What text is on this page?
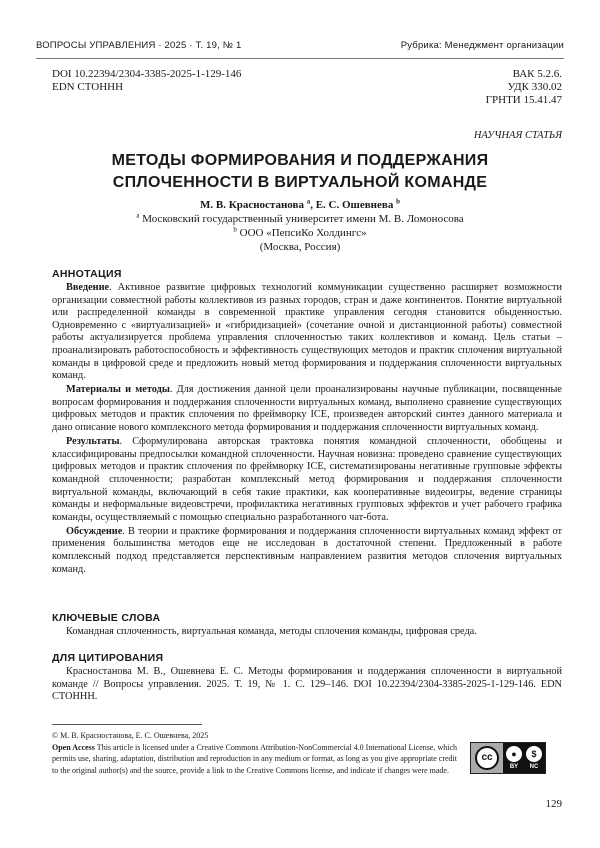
ВОПРОСЫ УПРАВЛЕНИЯ · 2025 · Т. 19, № 1	Рубрика: Менеджмент организации
DOI 10.22394/2304-3385-2025-1-129-146
EDN СТОННН
ВАК 5.2.6.
УДК 330.02
ГРНТИ 15.41.47
НАУЧНАЯ СТАТЬЯ
МЕТОДЫ ФОРМИРОВАНИЯ И ПОДДЕРЖАНИЯ
СПЛОЧЕННОСТИ В ВИРТУАЛЬНОЙ КОМАНДЕ
М. В. Красностанова a, Е. С. Ошевнева b
a Московский государственный университет имени М. В. Ломоносова
b ООО «ПепсиКо Холдингс»
(Москва, Россия)
АННОТАЦИЯ

Введение. Активное развитие цифровых технологий коммуникации существенно расширяет возможности организации совместной работы коллективов из разных городов, стран и даже континентов. Понятие виртуальной или распределенной команды в современной практике управления сегодня становится обыденностью. Одновременно с «виртуализацией» и «гибридизацией» (сочетание очной и дистанционной работы) совместной работы актуализируется проблема управления сплоченностью таких коллективов и команд. Цель статьи – проанализировать работоспособность и эффективность существующих методов и практик сплочения виртуальной команды в цифровой среде и предложить новый метод формирования и поддержания сплоченности виртуальных команд.

Материалы и методы. Для достижения данной цели проанализированы научные публикации, посвященные вопросам формирования и поддержания сплоченности виртуальных команд, выполнено сравнение существующих цифровых методов и практик сплочения по фреймворку ICE, произведен авторский синтез данного материала и дано описание нового комплексного метода формирования и поддержания сплоченности виртуальных команд.

Результаты. Сформулирована авторская трактовка понятия командной сплоченности, обобщены и классифицированы предпосылки командной сплоченности. Научная новизна: проведено сравнение существующих цифровых методов и практик сплочения по фреймворку ICE, систематизированы негативные групповые эффекты командной сплоченности; разработан комплексный метод формирования и поддержания сплоченности виртуальной команды, включающий в себя такие практики, как кооперативные видеоигры, ведение страницы команды и неформальные видеовстречи, профилактика негативных групповых эффектов и учет рабочего графика команды, осуществляемый с помощью специально разработанного чат-бота.

Обсуждение. В теории и практике формирования и поддержания сплоченности виртуальных команд эффект от применения большинства методов еще не исследован в достаточной степени. Предложенный в работе комплексный подход представляется перспективным направлением развития методов сплочения виртуальных команд.

КЛЮЧЕВЫЕ СЛОВА
Командная сплоченность, виртуальная команда, методы сплочения команды, цифровая среда.
ДЛЯ ЦИТИРОВАНИЯ
Красностанова М. В., Ошевнева Е. С. Методы формирования и поддержания сплоченности в виртуальной команде // Вопросы управления. 2025. Т. 19, № 1. С. 129–146. DOI 10.22394/2304-3385-2025-1-129-146. EDN СТОННН.

© М. В. Красностанова, Е. С. Ошевнева, 2025

Open Access This article is licensed under a Creative Commons Attribution-NonCommercial 4.0 International License, which permits use, sharing, adaptation, distribution and reproduction in any medium or format, as long as you give appropriate credit to the original author(s) and the source, provide a link to the Creative Commons license, and indicate if changes were made.

cc	●	$
BY	NC
129
